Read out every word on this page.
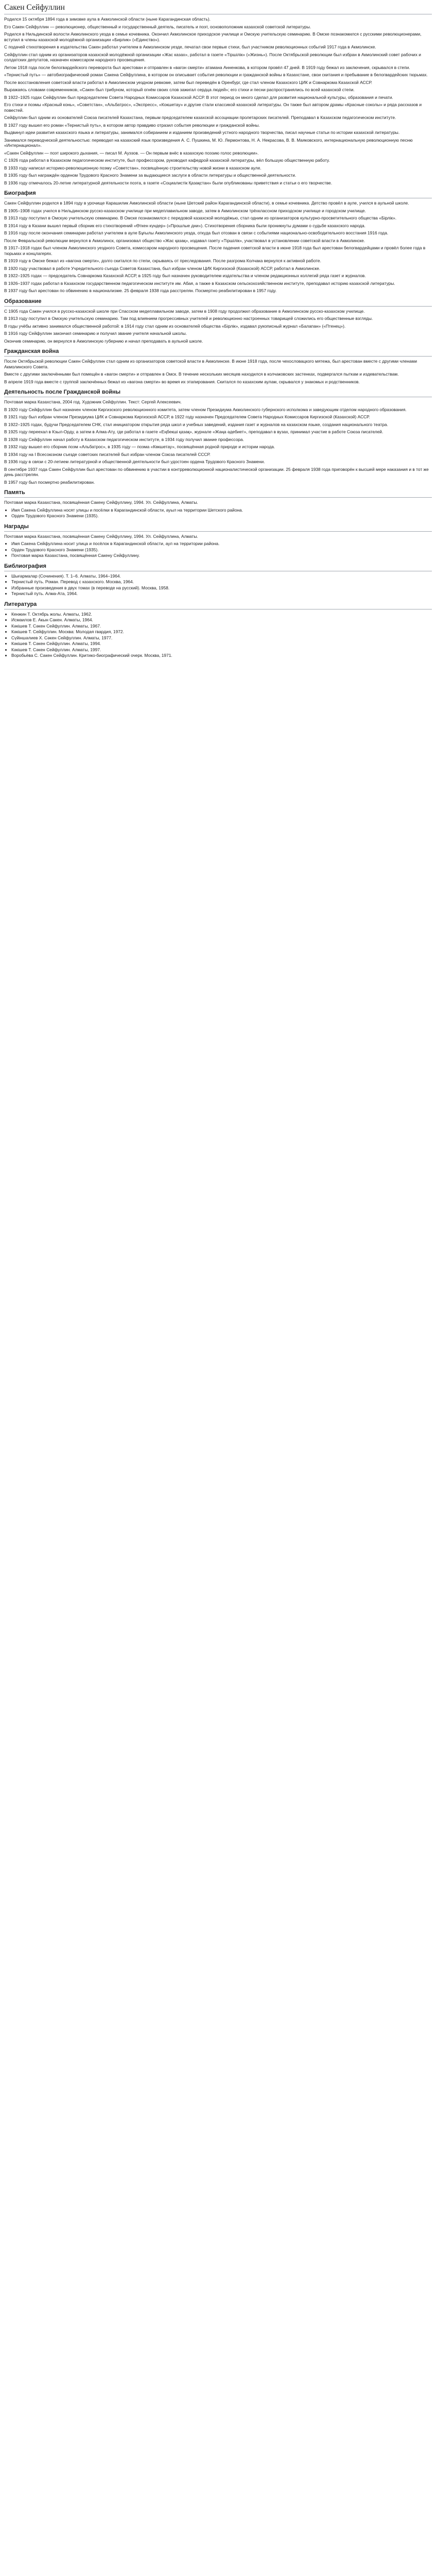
Сакен Сейфуллин

Родился 15 октября 1894 года в зимовке аула в Акмолинской области (ныне Карагандинская область).

Его Сакен Сейфуллин — революционер, общественный и государственный деятель, писатель и поэт, основоположник казахской советской литературы.

Родился в Нильдинской волости Акмолинского уезда в семье кочевника. Окончил Акмолинское приходское училище и Омскую учительскую семинарию. В Омске познакомился с русскими революционерами, вступил в члены казахской молодёжной организации «Бирлик» («Единство»).

С подачей стихотворения в издательства Сакен работал учителем в Акмолинском уезде, печатал свои первые стихи, был участником революционных событий 1917 года в Акмолинске.

Сейфуллин стал одним из организаторов казахской молодёжной организации «Жас казах», работал в газете «Тіршілік» («Жизнь»). После Октябрьской революции был избран в Акмолинский совет рабочих и солдатских депутатов, назначен комиссаром народного просвещения.

Летом 1918 года после белогвардейского переворота был арестован и отправлен в «вагон смерти» атамана Анненкова, в котором провёл 47 дней. В 1919 году бежал из заключения, скрывался в степи.

«Тернистый путь» — автобиографический роман Сакена Сейфуллина, в котором он описывает события революции и гражданской войны в Казахстане, свои скитания и пребывание в белогвардейских тюрьмах.

После восстановления советской власти работал в Акмолинском уездном ревкоме, затем был переведён в Оренбург, где стал членом Казахского ЦИК и Совнаркома Казахской АССР.

Выражаясь словами современников, «Сакен был трибуном, который огнём своих слов зажигал сердца людей»; его стихи и песни распространялись по всей казахской степи.

В 1922–1925 годах Сейфуллин был председателем Совета Народных Комиссаров Казахской АССР. В этот период он много сделал для развития национальной культуры, образования и печати.

Его стихи и поэмы «Красный конь», «Советстан», «Альбатрос», «Экспресс», «Кокшетау» и другие стали классикой казахской литературы. Он также был автором драмы «Красные соколы» и ряда рассказов и повестей.

Сейфуллин был одним из основателей Союза писателей Казахстана, первым председателем казахской ассоциации пролетарских писателей. Преподавал в Казахском педагогическом институте.

В 1927 году вышел его роман «Тернистый путь», в котором автор правдиво отразил события революции и гражданской войны.

Выдвинул идеи развития казахского языка и литературы, занимался собиранием и изданием произведений устного народного творчества, писал научные статьи по истории казахской литературы.

Занимался переводческой деятельностью: переводил на казахский язык произведения А. С. Пушкина, М. Ю. Лермонтова, Н. А. Некрасова, В. В. Маяковского, интернациональную революционную песню «Интернационал».

«Сакен Сейфуллин — поэт широкого дыхания, — писал М. Ауэзов. — Он первым внёс в казахскую поэзию голос революции».

С 1926 года работал в Казахском педагогическом институте, был профессором, руководил кафедрой казахской литературы, вёл большую общественную работу.

В 1933 году написал историко-революционную поэму «Советстан», посвящённую строительству новой жизни в казахском ауле.

В 1935 году был награждён орденом Трудового Красного Знамени за выдающиеся заслуги в области литературы и общественной деятельности.

В 1936 году отмечалось 20-летие литературной деятельности поэта, в газете «Социалистік Қазақстан» были опубликованы приветствия и статьи о его творчестве.

Биография

Сакен Сейфуллин родился в 1894 году в урочище Карашилик Акмолинской области (ныне Шетский район Карагандинской области), в семье кочевника. Детство провёл в ауле, учился в аульной школе.

В 1905–1908 годах учился в Нильдинском русско-казахском училище при медеплавильном заводе, затем в Акмолинском трёхклассном приходском училище и городском училище.

В 1913 году поступил в Омскую учительскую семинарию. В Омске познакомился с передовой казахской молодёжью, стал одним из организаторов культурно-просветительного общества «Бірлік».

В 1914 году в Казани вышел первый сборник его стихотворений «Өткен күндер» («Прошлые дни»). Стихотворения сборника были проникнуты думами о судьбе казахского народа.

В 1916 году после окончания семинарии работал учителем в ауле Бұғылы Акмолинского уезда, откуда был отозван в связи с событиями национально-освободительного восстания 1916 года.

После Февральской революции вернулся в Акмолинск, организовал общество «Жас қазақ», издавал газету «Тіршілік», участвовал в установлении советской власти в Акмолинске.

В 1917–1918 годах был членом Акмолинского уездного Совета, комиссаром народного просвещения. После падения советской власти в июне 1918 года был арестован белогвардейцами и провёл более года в тюрьмах и концлагерях.

В 1919 году в Омске бежал из «вагона смерти», долго скитался по степи, скрываясь от преследования. После разгрома Колчака вернулся к активной работе.

В 1920 году участвовал в работе Учредительного съезда Советов Казахстана, был избран членом ЦИК Киргизской (Казахской) АССР, работал в Акмолинске.

В 1922–1925 годах — председатель Совнаркома Казахской АССР, в 1925 году был назначен руководителем издательства и членом редакционных коллегий ряда газет и журналов.

В 1926–1937 годах работал в Казахском государственном педагогическом институте им. Абая, а также в Казахском сельскохозяйственном институте, преподавал историю казахской литературы.

В 1937 году был арестован по обвинению в национализме. 25 февраля 1938 года расстрелян. Посмертно реабилитирован в 1957 году.

Образование

С 1905 года Сакен учился в русско-казахской школе при Спасском медеплавильном заводе, затем в 1908 году продолжил образование в Акмолинском русско-казахском училище.

В 1913 году поступил в Омскую учительскую семинарию. Там под влиянием прогрессивных учителей и революционно настроенных товарищей сложились его общественные взгляды.

В годы учёбы активно занимался общественной работой: в 1914 году стал одним из основателей общества «Бірлік», издавал рукописный журнал «Балапан» («Птенец»).

В 1916 году Сейфуллин закончил семинарию и получил звание учителя начальной школы.

Окончив семинарию, он вернулся в Акмолинскую губернию и начал преподавать в аульной школе.

Гражданская война

После Октябрьской революции Сакен Сейфуллин стал одним из организаторов советской власти в Акмолинске. В июне 1918 года, после чехословацкого мятежа, был арестован вместе с другими членами Акмолинского Совета.

Вместе с другими заключёнными был помещён в «вагон смерти» и отправлен в Омск. В течение нескольких месяцев находился в колчаковских застенках, подвергался пыткам и издевательствам.

В апреле 1919 года вместе с группой заключённых бежал из «вагона смерти» во время их этапирования. Скитался по казахским аулам, скрывался у знакомых и родственников.

Деятельность после Гражданской войны

Почтовая марка Казахстана, 2004 год. Художник Сейфуллин. Текст: Сергей Алексеевич.

В 1920 году Сейфуллин был назначен членом Киргизского революционного комитета, затем членом Президиума Акмолинского губернского исполкома и заведующим отделом народного образования.

В 1921 году был избран членом Президиума ЦИК и Совнаркома Киргизской АССР, в 1922 году назначен Председателем Совета Народных Комиссаров Киргизской (Казахской) АССР.

В 1922–1925 годах, будучи Председателем СНК, стал инициатором открытия ряда школ и учебных заведений, издания газет и журналов на казахском языке, создания национального театра.

В 1925 году переехал в Кзыл-Орду, а затем в Алма-Ату, где работал в газете «Еңбекші қазақ», журнале «Жаңа әдебиет», преподавал в вузах, принимал участие в работе Союза писателей.

В 1928 году Сейфуллин начал работу в Казахском педагогическом институте, в 1934 году получил звание профессора.

В 1932 году вышел его сборник поэм «Альбатрос», в 1935 году — поэма «Көкшетау», посвящённая родной природе и истории народа.

В 1934 году на I Всесоюзном съезде советских писателей был избран членом Союза писателей СССР.

В 1936 году в связи с 20-летием литературной и общественной деятельности был удостоен ордена Трудового Красного Знамени.

В сентябре 1937 года Сакен Сейфуллин был арестован по обвинению в участии в контрреволюционной националистической организации. 25 февраля 1938 года приговорён к высшей мере наказания и в тот же день расстрелян.

В 1957 году был посмертно реабилитирован.

Память

Почтовая марка Казахстана, посвящённая Сакену Сейфуллину, 1994. Ул. Сейфуллина, Алматы.

• Имя Сакена Сейфуллина носят улицы и посёлки в Карагандинской области, ауыл на территории Шетского района.
• Орден Трудового Красного Знамени (1935).
Награды

Почтовая марка Казахстана, посвящённая Сакену Сейфуллину, 1994. Ул. Сейфуллина, Алматы.

• Имя Сакена Сейфуллина носит улица и посёлок в Карагандинской области, аул на территории района.
• Орден Трудового Красного Знамени (1935).
• Почтовая марка Казахстана, посвящённая Сакену Сейфуллину.
Библиография
• Шығармалар (Сочинения). Т. 1–6. Алматы, 1964–1964.
• Тернистый путь. Роман. Перевод с казахского. Москва, 1964.
• Избранные произведения в двух томах (в переводе на русский). Москва, 1958.
• Тернистый путь. Алма-Ата, 1964.
Литература
• Кенжин Т. Октябрь жолы. Алматы, 1962.
• Исмаилов Е. Акын Сакен. Алматы, 1964.
• Кәкішев Т. Сәкен Сейфуллин. Алматы, 1967.
• Кәкішев Т. Сейфуллин. Москва: Молодая гвардия, 1972.
• Сүйіншәлиев Х. Сәкен Сейфуллин. Алматы, 1977.
• Кәкішев Т. Сәкен Сейфуллин. Алматы, 1994.
• Кәкішев Т. Сәкен Сейфуллин. Алматы, 1997.
• Воробьёва С. Сакен Сейфуллин. Критико-биографический очерк. Москва, 1971.
